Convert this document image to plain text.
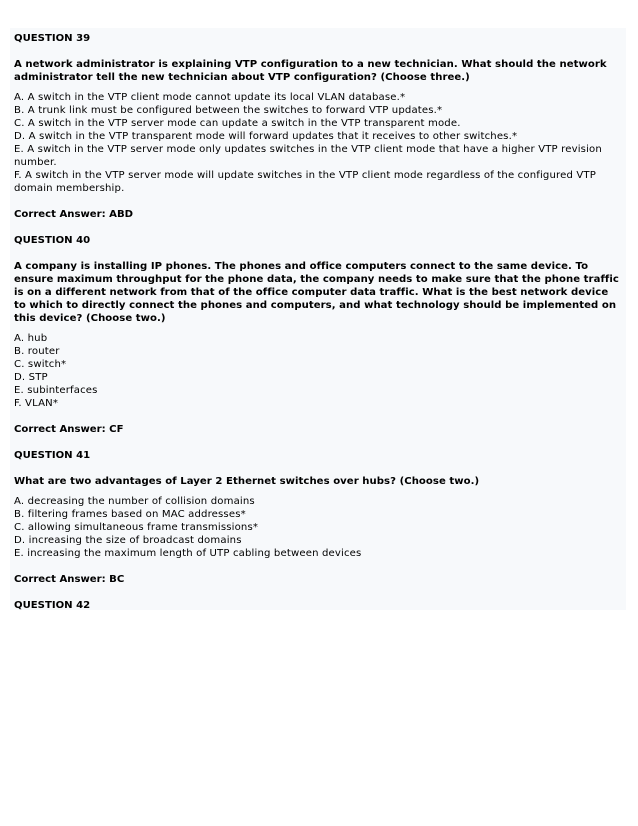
QUESTION 39
A network administrator is explaining VTP configuration to a new technician. What should the network administrator tell the new technician about VTP configuration? (Choose three.)
A. A switch in the VTP client mode cannot update its local VLAN database.*
B. A trunk link must be configured between the switches to forward VTP updates.*
C. A switch in the VTP server mode can update a switch in the VTP transparent mode.
D. A switch in the VTP transparent mode will forward updates that it receives to other switches.*
E. A switch in the VTP server mode only updates switches in the VTP client mode that have a higher VTP revision number.
F. A switch in the VTP server mode will update switches in the VTP client mode regardless of the configured VTP domain membership.
Correct Answer: ABD
QUESTION 40
A company is installing IP phones. The phones and office computers connect to the same device. To ensure maximum throughput for the phone data, the company needs to make sure that the phone traffic is on a different network from that of the office computer data traffic. What is the best network device to which to directly connect the phones and computers, and what technology should be implemented on this device? (Choose two.)
A. hub
B. router
C. switch*
D. STP
E. subinterfaces
F. VLAN*
Correct Answer: CF
QUESTION 41
What are two advantages of Layer 2 Ethernet switches over hubs? (Choose two.)
A. decreasing the number of collision domains
B. filtering frames based on MAC addresses*
C. allowing simultaneous frame transmissions*
D. increasing the size of broadcast domains
E. increasing the maximum length of UTP cabling between devices
Correct Answer: BC
QUESTION 42
